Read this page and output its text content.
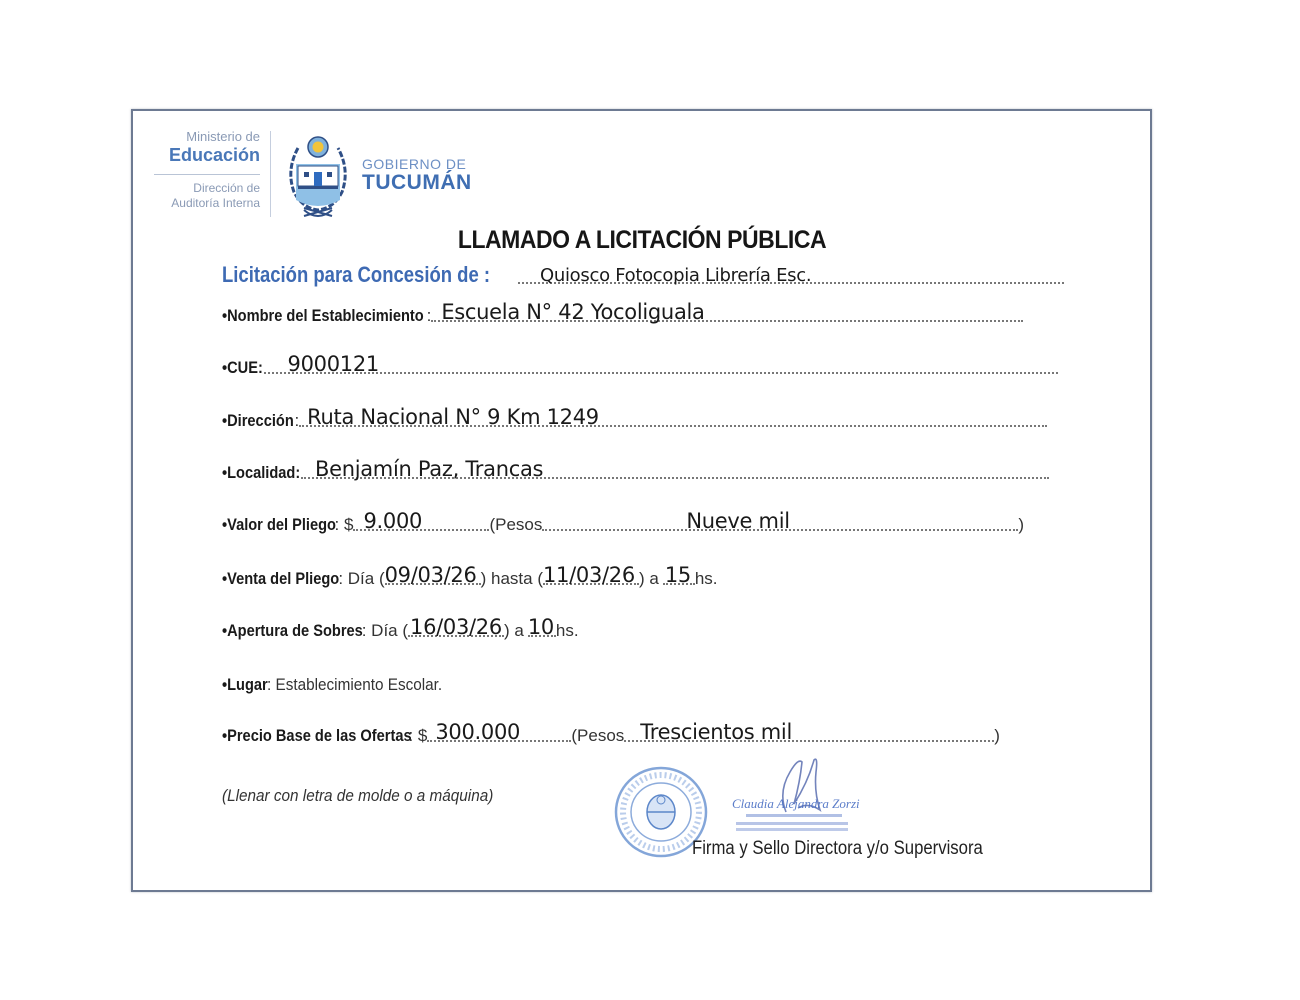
Ministerio de
Educación
Dirección de
Auditoría Interna
GOBIERNO DE
TUCUMÁN
LLAMADO A LICITACIÓN PÚBLICA
Licitación para Concesión de :	Quiosco Fotocopia Librería Esc.
•Nombre del Establecimiento : Escuela N° 42 Yocoliguala
•CUE: 9000121
•Dirección : Ruta Nacional N° 9 Km 1249
•Localidad: Benjamín Paz, Trancas
•Valor del Pliego
: $ 9.000	(Pesos	Nueve mil	)
•Venta del Pliego : Día ( 09/03/26 ) hasta ( 11/03/26 ) a 15 hs.
•Apertura de Sobres
: Día ( 16/03/26 ) a 10 hs.
•Lugar : Establecimiento Escolar.
•Precio Base de las Ofertas
: $ 300.000	(Pesos Trescientos mil	)
(Llenar con letra de molde o a máquina)	Claudia Alejandra Zorzi
Firma y Sello Directora y/o Supervisora
